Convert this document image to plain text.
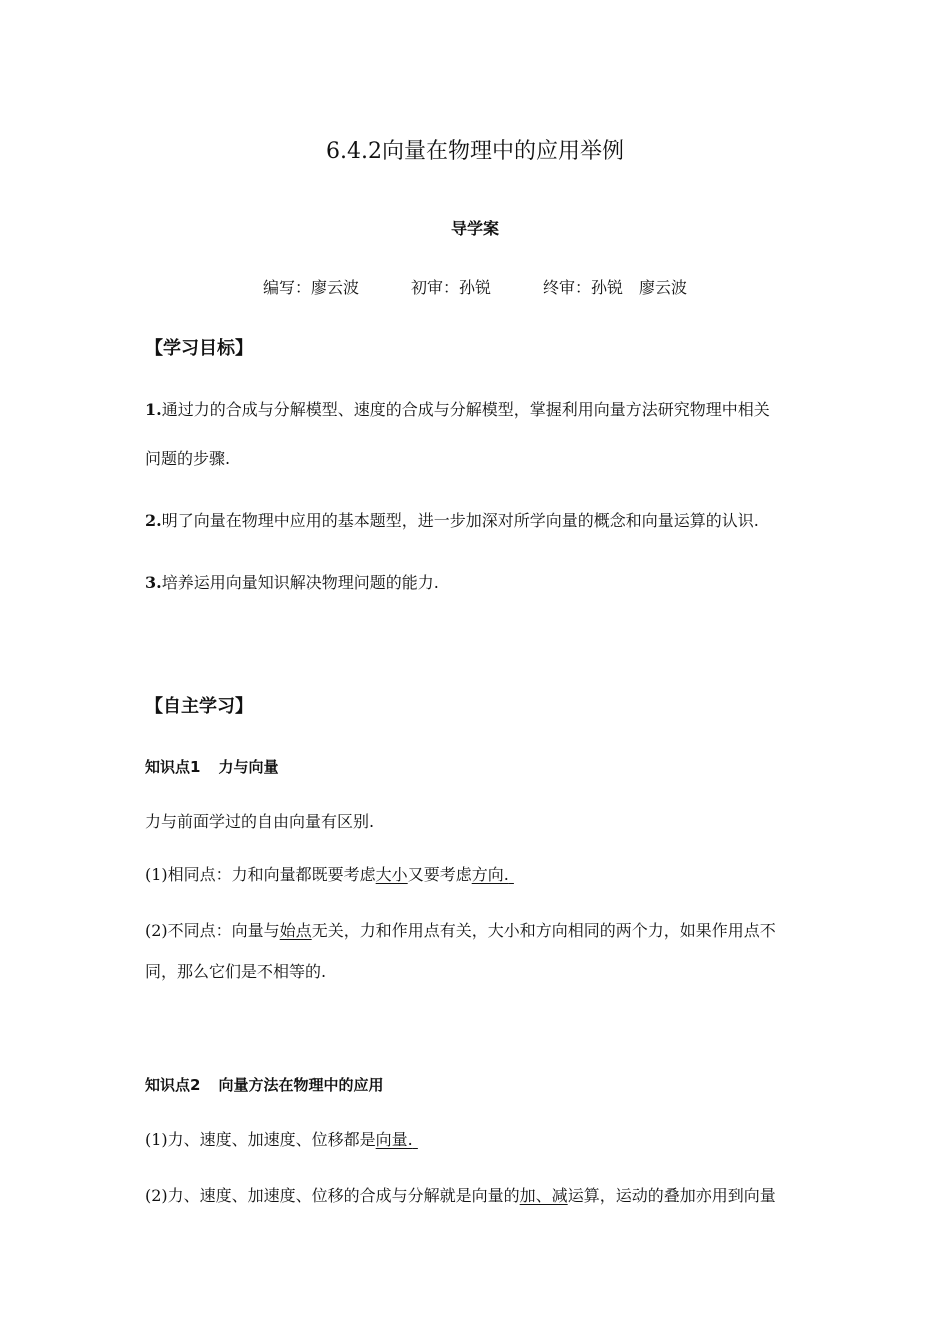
6.4.2向量在物理中的应用举例
导学案
编写：廖云波	初审：孙锐	终审：孙锐　廖云波
【学习目标】
1.通过力的合成与分解模型、速度的合成与分解模型，掌握利用向量方法研究物理中相关
问题的步骤.
2.明了向量在物理中应用的基本题型，进一步加深对所学向量的概念和向量运算的认识.
3.培养运用向量知识解决物理问题的能力.
【自主学习】
知识点1 力与向量
力与前面学过的自由向量有区别.
(1)相同点：力和向量都既要考虑大小又要考虑方向.
(2)不同点：向量与始点无关，力和作用点有关，大小和方向相同的两个力，如果作用点不
同，那么它们是不相等的.
知识点2 向量方法在物理中的应用
(1)力、速度、加速度、位移都是向量.
(2)力、速度、加速度、位移的合成与分解就是向量的加、减运算，运动的叠加亦用到向量
